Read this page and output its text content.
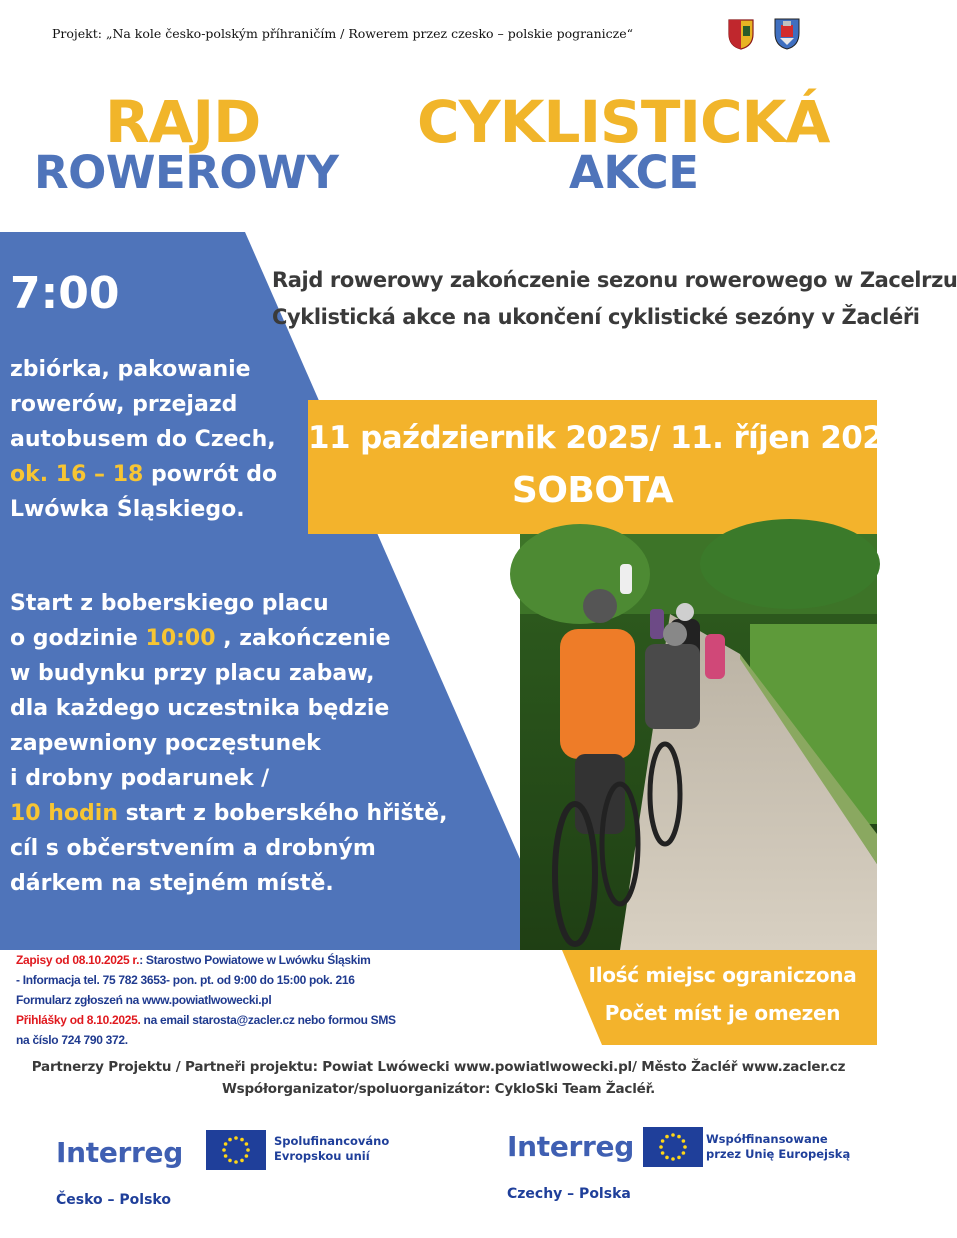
Projekt: „Na kole česko-polským příhraničím / Rowerem przez czesko – polskie pogranicze“
RAJD
ROWEROWY
CYKLISTICKÁ
AKCE
11 październik 2025/ 11. říjen 2025
SOBOTA
7:00
zbiórka, pakowanie
rowerów, przejazd
autobusem do Czech,
ok. 16 – 18 powrót do
Lwówka Śląskiego.
Start z boberskiego placu
o godzinie 10:00 , zakończenie
w budynku przy placu zabaw,
dla każdego uczestnika będzie
zapewniony poczęstunek
i drobny podarunek /
10 hodin start z boberského hřiště,
cíl s občerstvením a drobným
dárkem na stejném místě.
Rajd rowerowy zakończenie sezonu rowerowego w Zacelrzu
Cyklistická akce na ukončení cyklistické sezóny v Žacléři
Zapisy od 08.10.2025 r.: Starostwo Powiatowe w Lwówku Śląskim
- Informacja tel. 75 782 3653- pon. pt. od 9:00 do 15:00 pok. 216
Formularz zgłoszeń na www.powiatlwowecki.pl
Přihlášky od 8.10.2025. na email starosta@zacler.cz nebo formou SMS
na číslo 724 790 372.
Ilość miejsc ograniczona
Počet míst je omezen
Partnerzy Projektu / Partneři projektu: Powiat Lwówecki www.powiatlwowecki.pl/ Město Žacléř www.zacler.cz
Współorganizator/spoluorganizátor: CykloSki Team Žacléř.
Interreg	Spolufinancováno
Evropskou unií
Česko – Polsko
Interreg	Współfinansowane
przez Unię Europejską
Czechy – Polska
